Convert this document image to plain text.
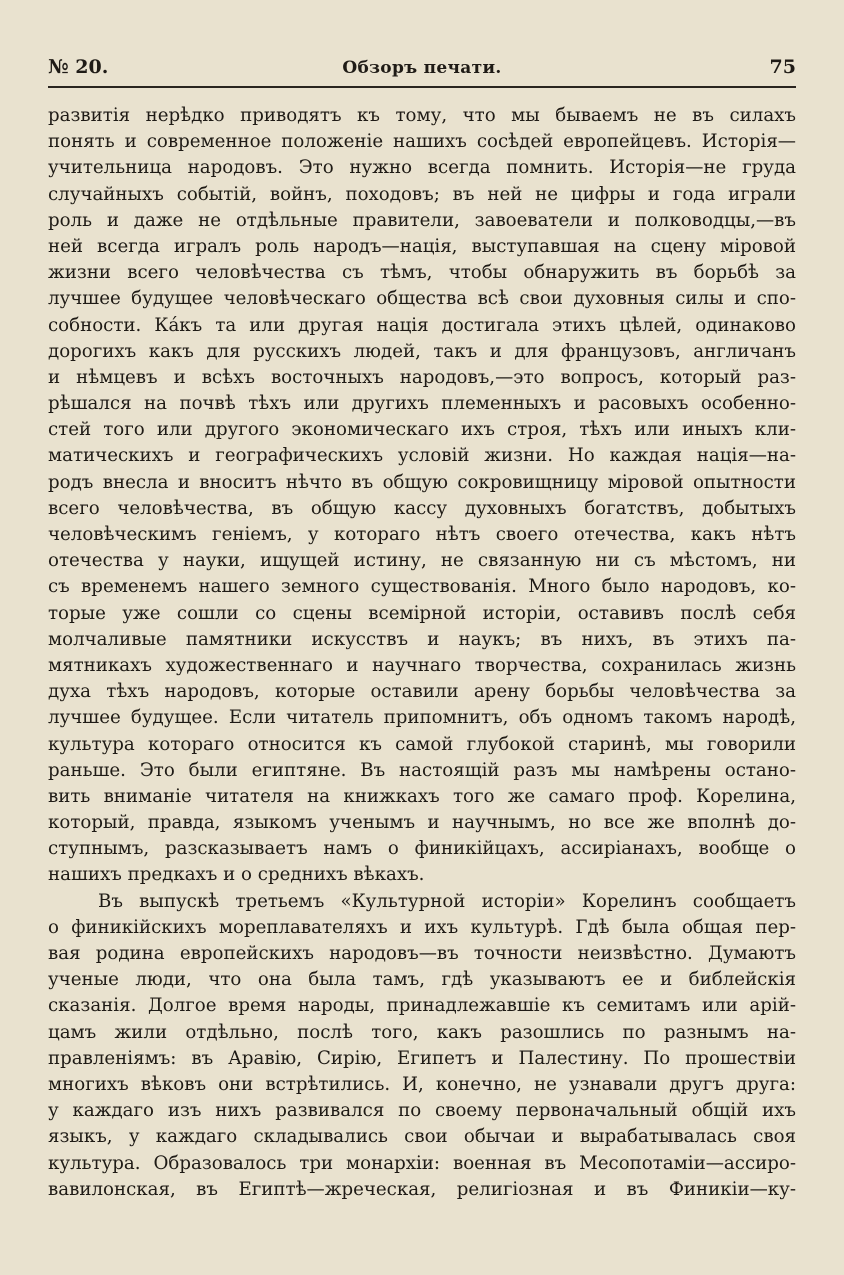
№ 20.	Обзоръ печати.	75
развитія нерѣдко приводятъ къ тому, что мы бываемъ не въ силахъ
понять и современное положеніе нашихъ сосѣдей европейцевъ. Исторія—
учительница народовъ. Это нужно всегда помнить. Исторія—не груда
случайныхъ событій, войнъ, походовъ; въ ней не цифры и года играли
роль и даже не отдѣльные правители, завоеватели и полководцы,—въ
ней всегда игралъ роль народъ—нація, выступавшая на сцену міровой
жизни всего человѣчества съ тѣмъ, чтобы обнаружить въ борьбѣ за
лучшее будущее человѣческаго общества всѣ свои духовныя силы и спо-
собности. Ка́къ та или другая нація достигала этихъ цѣлей, одинаково
дорогихъ какъ для русскихъ людей, такъ и для французовъ, англичанъ
и нѣмцевъ и всѣхъ восточныхъ народовъ,—это вопросъ, который раз-
рѣшался на почвѣ тѣхъ или другихъ племенныхъ и расовыхъ особенно-
стей того или другого экономическаго ихъ строя, тѣхъ или иныхъ кли-
матическихъ и географическихъ условій жизни. Но каждая нація—на-
родъ внесла и вноситъ нѣчто въ общую сокровищницу міровой опытности
всего человѣчества, въ общую кассу духовныхъ богатствъ, добытыхъ
человѣческимъ геніемъ, у котораго нѣтъ своего отечества, какъ нѣтъ
отечества у науки, ищущей истину, не связанную ни съ мѣстомъ, ни
съ временемъ нашего земного существованія. Много было народовъ, ко-
торые уже сошли со сцены всемірной исторіи, оставивъ послѣ себя
молчаливые памятники искусствъ и наукъ; въ нихъ, въ этихъ па-
мятникахъ художественнаго и научнаго творчества, сохранилась жизнь
духа тѣхъ народовъ, которые оставили арену борьбы человѣчества за
лучшее будущее. Если читатель припомнитъ, объ одномъ такомъ народѣ,
культура котораго относится къ самой глубокой старинѣ, мы говорили
раньше. Это были египтяне. Въ настоящій разъ мы намѣрены остано-
вить вниманіе читателя на книжкахъ того же самаго проф. Корелина,
который, правда, языкомъ ученымъ и научнымъ, но все же вполнѣ до-
ступнымъ, разсказываетъ намъ о финикійцахъ, ассиріанахъ, вообще о
нашихъ предкахъ и о среднихъ вѣкахъ.
Въ выпускѣ третьемъ «Культурной исторіи» Корелинъ сообщаетъ
о финикійскихъ мореплавателяхъ и ихъ культурѣ. Гдѣ была общая пер-
вая родина европейскихъ народовъ—въ точности неизвѣстно. Думаютъ
ученые люди, что она была тамъ, гдѣ указываютъ ее и библейскія
сказанія. Долгое время народы, принадлежавшіе къ семитамъ или арій-
цамъ жили отдѣльно, послѣ того, какъ разошлись по разнымъ на-
правленіямъ: въ Аравію, Сирію, Египетъ и Палестину. По прошествіи
многихъ вѣковъ они встрѣтились. И, конечно, не узнавали другъ друга:
у каждаго изъ нихъ развивался по своему первоначальный общій ихъ
языкъ, у каждаго складывались свои обычаи и вырабатывалась своя
культура. Образовалось три монархіи: военная въ Месопотаміи—ассиро-
вавилонская, въ Египтѣ—жреческая, религіозная и въ Финикіи—ку-
